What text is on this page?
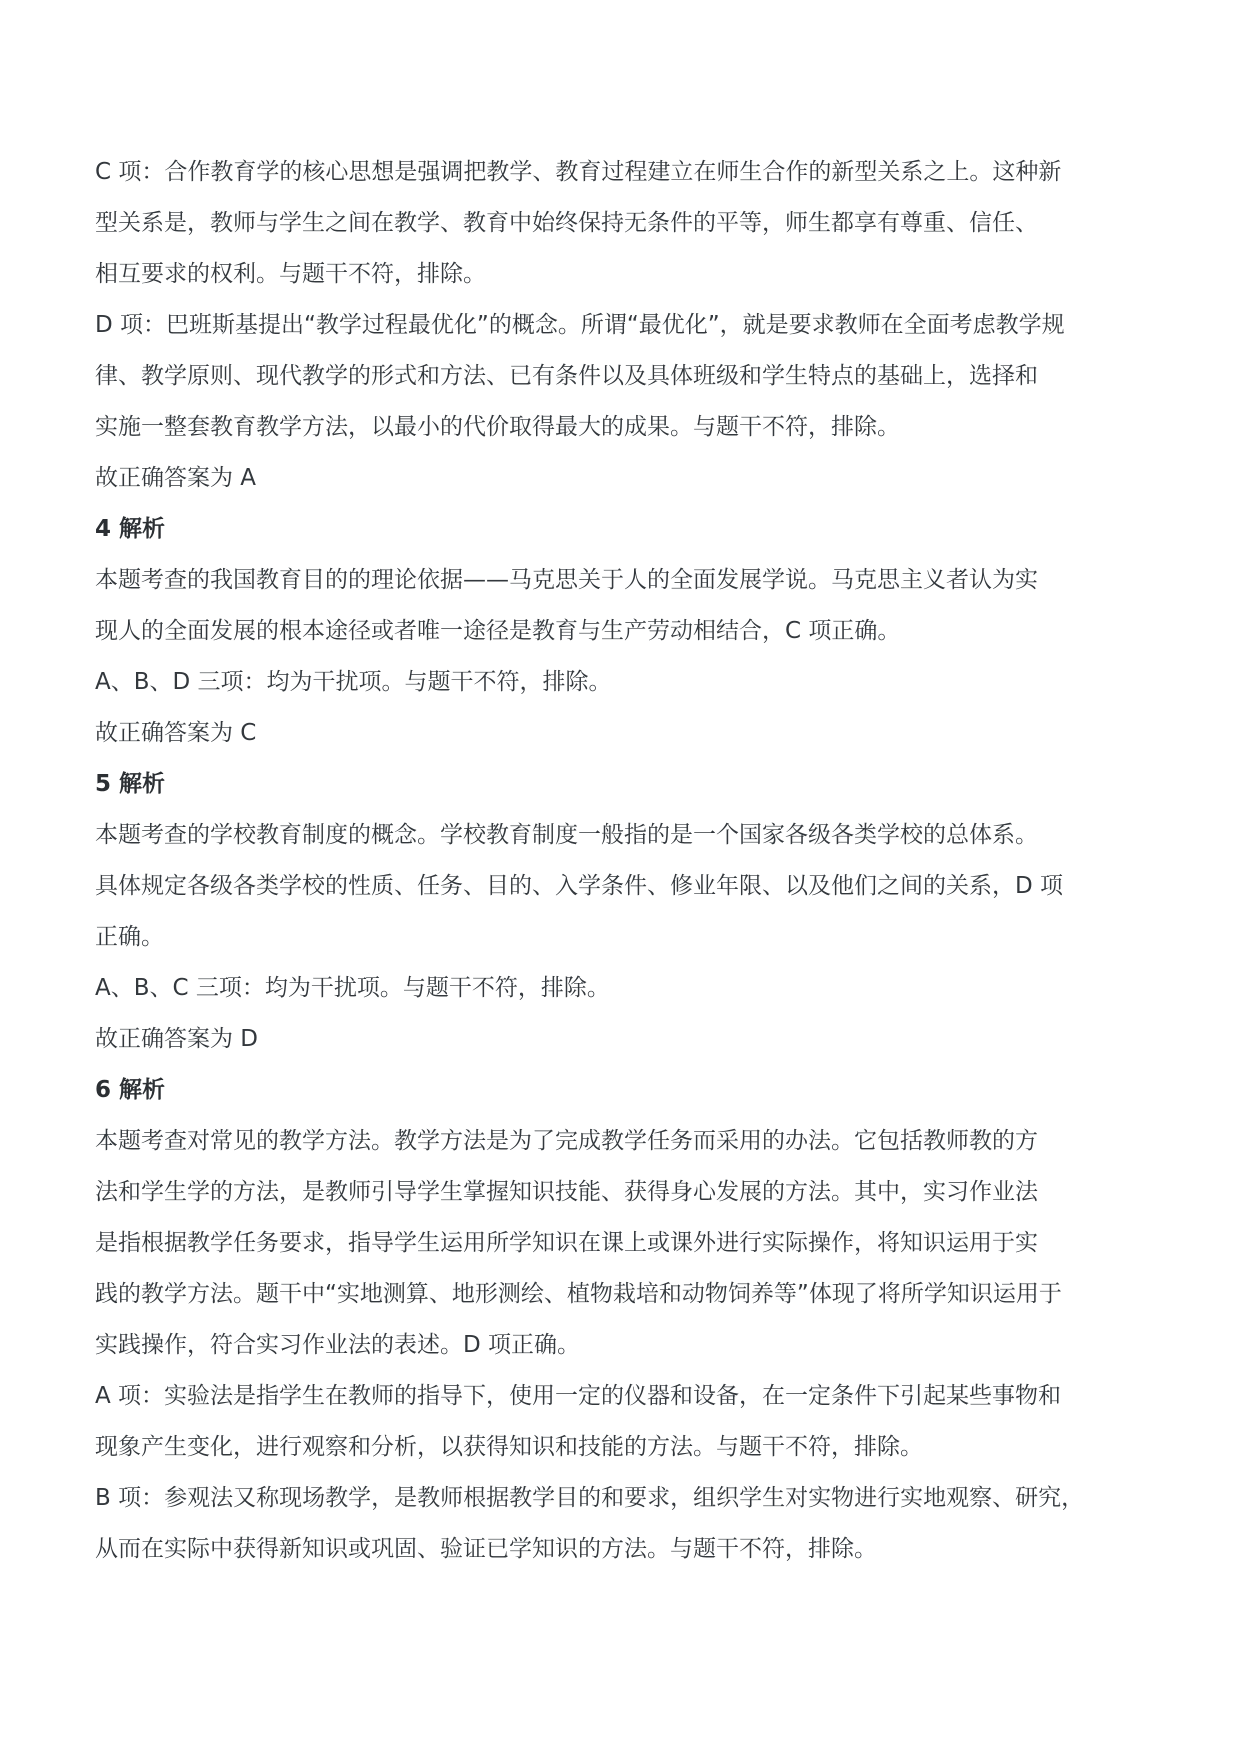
C 项：合作教育学的核心思想是强调把教学、教育过程建立在师生合作的新型关系之上。这种新
型关系是，教师与学生之间在教学、教育中始终保持无条件的平等，师生都享有尊重、信任、
相互要求的权利。与题干不符，排除。
D 项：巴班斯基提出“教学过程最优化”的概念。所谓“最优化”，就是要求教师在全面考虑教学规
律、教学原则、现代教学的形式和方法、已有条件以及具体班级和学生特点的基础上，选择和
实施一整套教育教学方法，以最小的代价取得最大的成果。与题干不符，排除。
故正确答案为 A
4 解析
本题考查的我国教育目的的理论依据——马克思关于人的全面发展学说。马克思主义者认为实
现人的全面发展的根本途径或者唯一途径是教育与生产劳动相结合，C 项正确。
A、B、D 三项：均为干扰项。与题干不符，排除。
故正确答案为 C
5 解析
本题考查的学校教育制度的概念。学校教育制度一般指的是一个国家各级各类学校的总体系。
具体规定各级各类学校的性质、任务、目的、入学条件、修业年限、以及他们之间的关系，D 项
正确。
A、B、C 三项：均为干扰项。与题干不符，排除。
故正确答案为 D
6 解析
本题考查对常见的教学方法。教学方法是为了完成教学任务而采用的办法。它包括教师教的方
法和学生学的方法，是教师引导学生掌握知识技能、获得身心发展的方法。其中，实习作业法
是指根据教学任务要求，指导学生运用所学知识在课上或课外进行实际操作，将知识运用于实
践的教学方法。题干中“实地测算、地形测绘、植物栽培和动物饲养等”体现了将所学知识运用于
实践操作，符合实习作业法的表述。D 项正确。
A 项：实验法是指学生在教师的指导下，使用一定的仪器和设备，在一定条件下引起某些事物和
现象产生变化，进行观察和分析，以获得知识和技能的方法。与题干不符，排除。
B 项：参观法又称现场教学，是教师根据教学目的和要求，组织学生对实物进行实地观察、研究，
从而在实际中获得新知识或巩固、验证已学知识的方法。与题干不符，排除。
